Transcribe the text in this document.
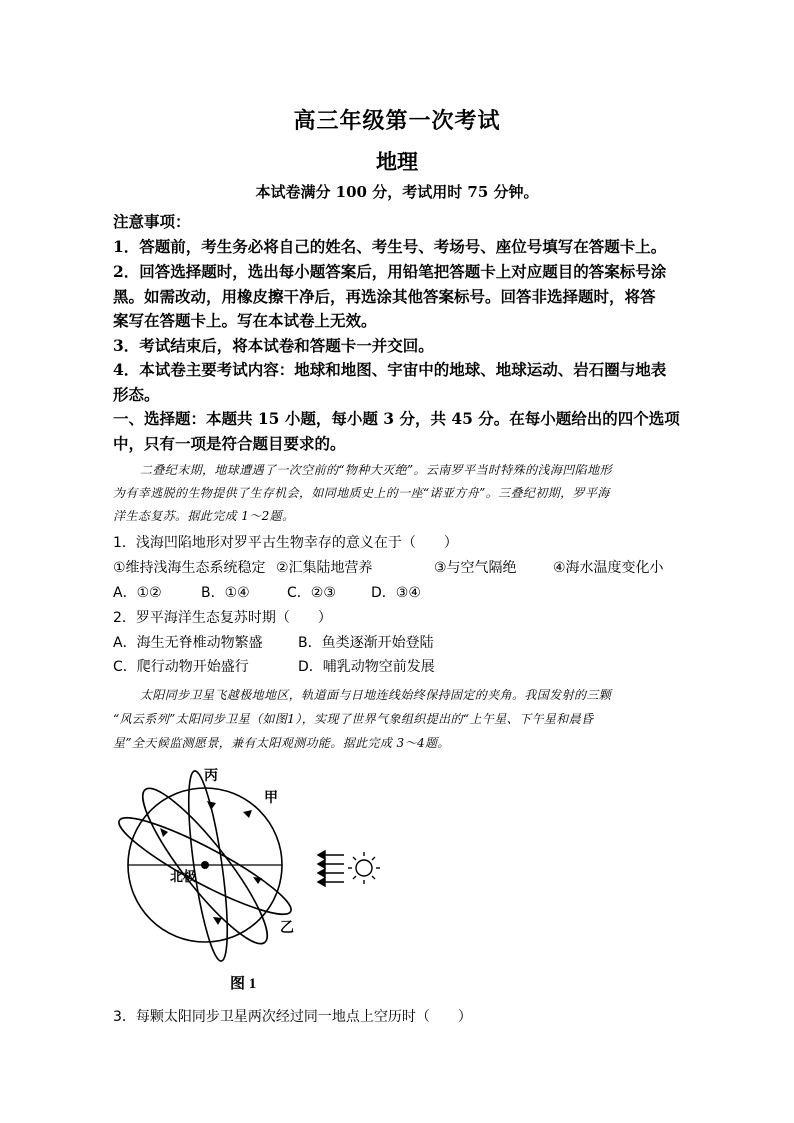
高三年级第一次考试
地理
本试卷满分 100 分，考试用时 75 分钟。
注意事项：
1．答题前，考生务必将自己的姓名、考生号、考场号、座位号填写在答题卡上。
2．回答选择题时，选出每小题答案后，用铅笔把答题卡上对应题目的答案标号涂
黑。如需改动，用橡皮擦干净后，再选涂其他答案标号。回答非选择题时，将答
案写在答题卡上。写在本试卷上无效。
3．考试结束后，将本试卷和答题卡一并交回。
4．本试卷主要考试内容：地球和地图、宇宙中的地球、地球运动、岩石圈与地表
形态。
一、选择题：本题共 15 小题，每小题 3 分，共 45 分。在每小题给出的四个选项
中，只有一项是符合题目要求的。
二叠纪末期，地球遭遇了一次空前的“物种大灭绝”。云南罗平当时特殊的浅海凹陷地形
为有幸逃脱的生物提供了生存机会，如同地质史上的一座“诺亚方舟”。三叠纪初期，罗平海
洋生态复苏。据此完成 1～2题。
1．浅海凹陷地形对罗平古生物幸存的意义在于（　　）
①维持浅海生态系统稳定 ②汇集陆地营养	③与空气隔绝	④海水温度变化小
A．①②	B．①④	C．②③	D．③④
2．罗平海洋生态复苏时期（　　）
A．海生无脊椎动物繁盛	B．鱼类逐渐开始登陆
C．爬行动物开始盛行	D．哺乳动物空前发展
太阳同步卫星飞越极地地区，轨道面与日地连线始终保持固定的夹角。我国发射的三颗
“风云系列”太阳同步卫星（如图1），实现了世界气象组织提出的“上午星、下午星和晨昏
星”全天候监测愿景，兼有太阳观测功能。据此完成 3～4题。
丙
甲
乙
北极
图 1
3．每颗太阳同步卫星两次经过同一地点上空历时（　　）
